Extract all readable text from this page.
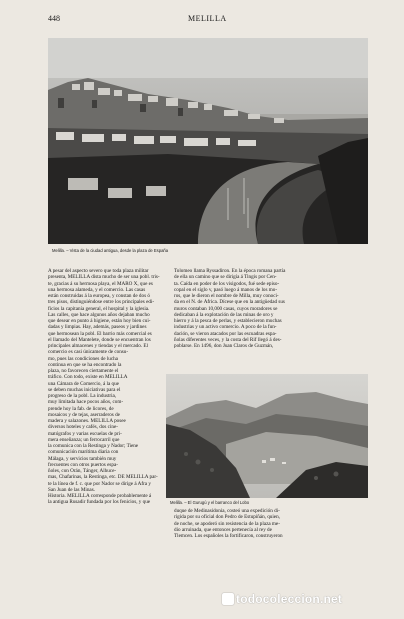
448	MELILLA
Melilla. – Vista de la ciudad antigua, desde la plaza de España
Melilla. – El Gurugú y el barranco del Lobo
A pesar del aspecto severo que toda plaza militar
presenta, MELILLA dista mucho de ser una pobl. tris-
te, gracias á su hermosa playa, el MARO X, que es
una hermosa alameda, y el comercio. Las casas
están construidas á la europea, y constan de dos ó
tres pisos, distinguiéndose entre los principales edi-
ficios la capitanía general, el hospital y la iglesia.
Las calles, que hace algunos años dejaban mucho
que desear en punto á higiene, están hoy bien cui-
dadas y limpias. Hay, además, paseos y jardines
que hermosean la pobl. El barrio más comercial es
el llamado del Mantelete, donde se encuentran los
principales almacenes y tiendas y el mercado. El
comercio es casi únicamente de consu-
mo, pues las condiciones de lucha
continua en que se ha encontrado la
plaza, no favorecen ciertamente el
tráfico. Con todo, existe en MELILLA
una Cámara de Comercio, á la que
se deben muchas iniciativas para el
progreso de la pobl. La industria,
muy limitada hace pocos años, com-
prende hoy la fab. de licores, de
mosaicos y de tejas, aserraderos de
madera y salazones. MELILLA posee
diversos hoteles y cafés, dos cine-
matógrafos y varias escuelas de pri-
mera enseñanza; un ferrocarril que
la comunica con la Restinga y Nador; Tiene
comunicación marítima diaria con
Málaga, y servicios también muy
frecuentes con otros puertos espa-
ñoles, con Orán, Tánger, Alhuce-
mas, Chafarinas, la Restinga, etc. DE MELILLA par-
te la línea de f. c. que por Nador se dirige á Afra y
San Juan de las Minas.
Historia. MELILLA corresponde probablemente á
la antigua Rusadir fundada por los fenicios, y que
Tolomeo llama Ryssadiron. En la época romana partía
de ella un camino que se dirigía á Tingis por Cen-
ta. Caída en poder de los visigodos, fué sede episo-
copal en el siglo v, pasó luego á manos de los mo-
ros, que le dieron el nombre de Milla, muy conoci-
da en el N. de África. Dícese que en la antigüedad sus
muros contaban 10,000 casas, cuyos moradores se
dedicaban á la explotación de las minas de oro y
hierro y á la pesca de perlas, y establecieron muchas
industrias y un activo comercio. A poco de la fun-
dación, se vieron atacados por las escuadras espa-
ñolas diferentes veces, y la costa del Rif llegó á des-
poblarse. En 1496, don Juan Claros de Guzmán,
duque de Medinasidonia, costeó una expedición di-
rigida por su oficial don Pedro de Estupiñán, quien,
de noche, se apoderó sin resistencia de la plaza me-
dio arruinada, que entonces pertenecía al rey de
Tlemcen. Los españoles la fortificaron, construyeron
todocoleccion.net
